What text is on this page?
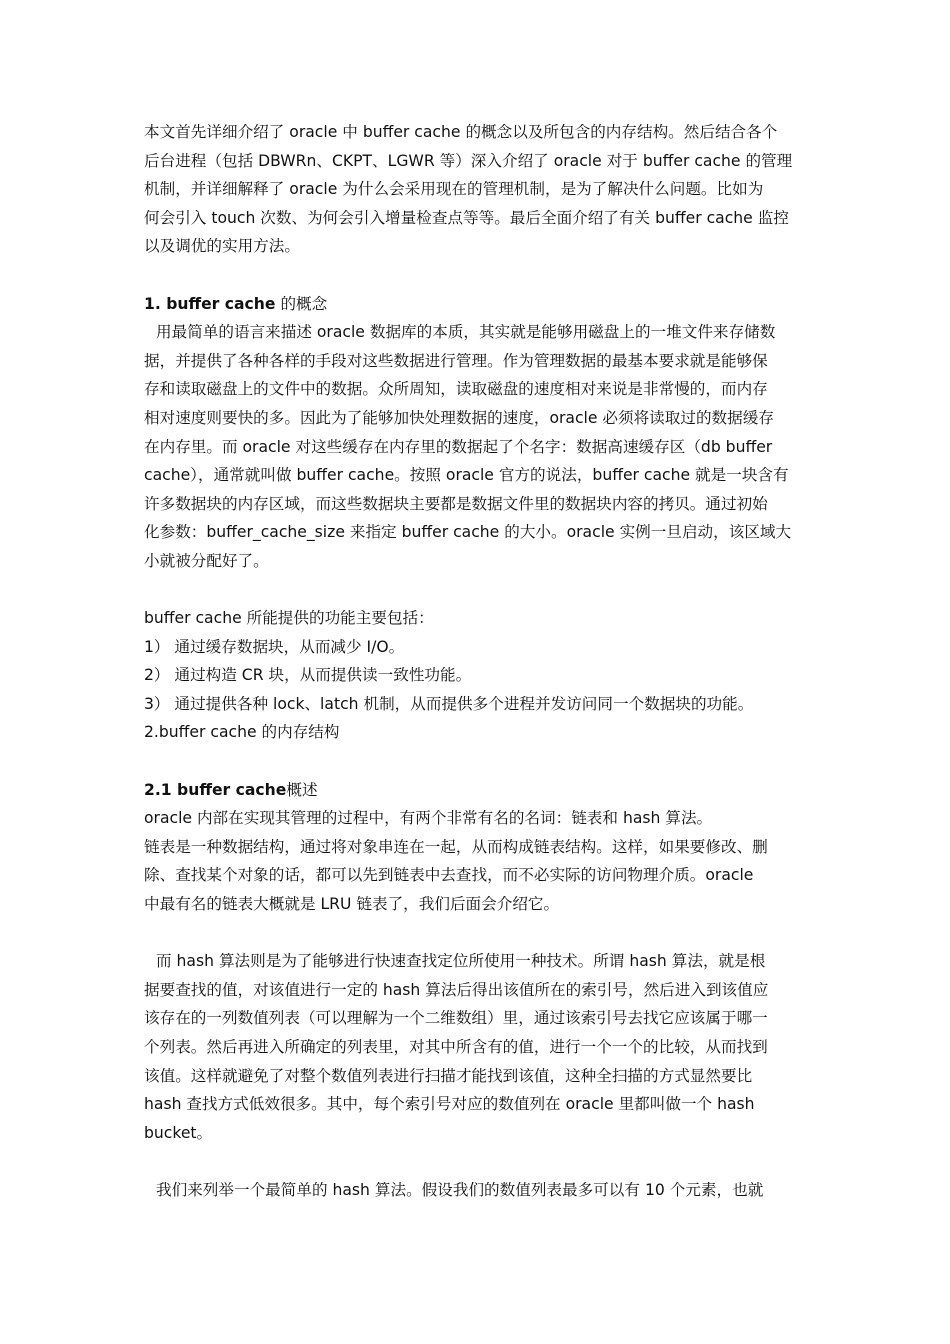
本文首先详细介绍了 oracle 中 buffer cache 的概念以及所包含的内存结构。然后结合各个
后台进程（包括 DBWRn、CKPT、LGWR 等）深入介绍了 oracle 对于 buffer cache 的管理
机制，并详细解释了 oracle 为什么会采用现在的管理机制，是为了解决什么问题。比如为
何会引入 touch 次数、为何会引入增量检查点等等。最后全面介绍了有关 buffer cache 监控
以及调优的实用方法。
1. buffer cache 的概念
用最简单的语言来描述 oracle 数据库的本质，其实就是能够用磁盘上的一堆文件来存储数
据，并提供了各种各样的手段对这些数据进行管理。作为管理数据的最基本要求就是能够保
存和读取磁盘上的文件中的数据。众所周知，读取磁盘的速度相对来说是非常慢的，而内存
相对速度则要快的多。因此为了能够加快处理数据的速度，oracle 必须将读取过的数据缓存
在内存里。而 oracle 对这些缓存在内存里的数据起了个名字：数据高速缓存区（db buffer
cache），通常就叫做 buffer cache。按照 oracle 官方的说法，buffer cache 就是一块含有
许多数据块的内存区域，而这些数据块主要都是数据文件里的数据块内容的拷贝。通过初始
化参数：buffer_cache_size 来指定 buffer cache 的大小。oracle 实例一旦启动，该区域大
小就被分配好了。
buffer cache 所能提供的功能主要包括：
1） 通过缓存数据块，从而减少 I/O。
2） 通过构造 CR 块，从而提供读一致性功能。
3） 通过提供各种 lock、latch 机制，从而提供多个进程并发访问同一个数据块的功能。
2.buffer cache 的内存结构
2.1 buffer cache概述
oracle 内部在实现其管理的过程中，有两个非常有名的名词：链表和 hash 算法。
链表是一种数据结构，通过将对象串连在一起，从而构成链表结构。这样，如果要修改、删
除、查找某个对象的话，都可以先到链表中去查找，而不必实际的访问物理介质。oracle
中最有名的链表大概就是 LRU 链表了，我们后面会介绍它。
而 hash 算法则是为了能够进行快速查找定位所使用一种技术。所谓 hash 算法，就是根
据要查找的值，对该值进行一定的 hash 算法后得出该值所在的索引号，然后进入到该值应
该存在的一列数值列表（可以理解为一个二维数组）里，通过该索引号去找它应该属于哪一
个列表。然后再进入所确定的列表里，对其中所含有的值，进行一个一个的比较，从而找到
该值。这样就避免了对整个数值列表进行扫描才能找到该值，这种全扫描的方式显然要比
hash 查找方式低效很多。其中，每个索引号对应的数值列在 oracle 里都叫做一个 hash
bucket。
我们来列举一个最简单的 hash 算法。假设我们的数值列表最多可以有 10 个元素，也就
